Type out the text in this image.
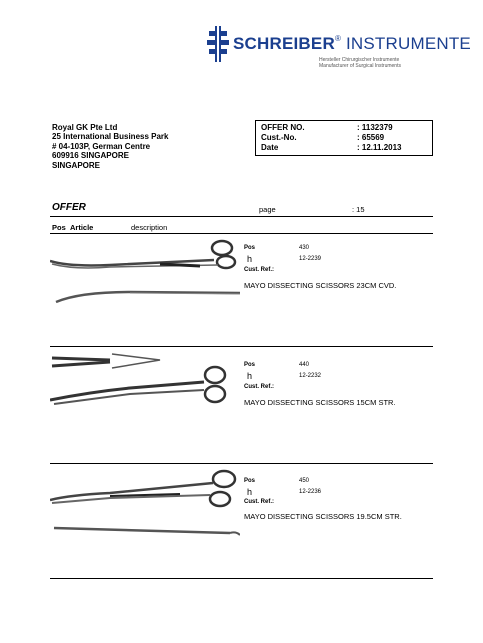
SCHREIBER® INSTRUMENTE
Hersteller Chirurgischer Instrumente
Manufacturer of Surgical Instruments
Royal GK Pte Ltd
25 International Business Park
# 04-103P, German Centre
609916 SINGAPORE
SINGAPORE
OFFER NO.	: 1132379
Cust.-No.	: 65569
Date	: 12.11.2013
OFFER	page	: 15
Pos Article	description
Pos	430
h	12-2239
Cust. Ref.:
MAYO DISSECTING SCISSORS 23CM CVD.
Pos	440
h	12-2232
Cust. Ref.:
MAYO DISSECTING SCISSORS 15CM STR.
Pos	450
h	12-2236
Cust. Ref.:
MAYO DISSECTING SCISSORS 19.5CM STR.
